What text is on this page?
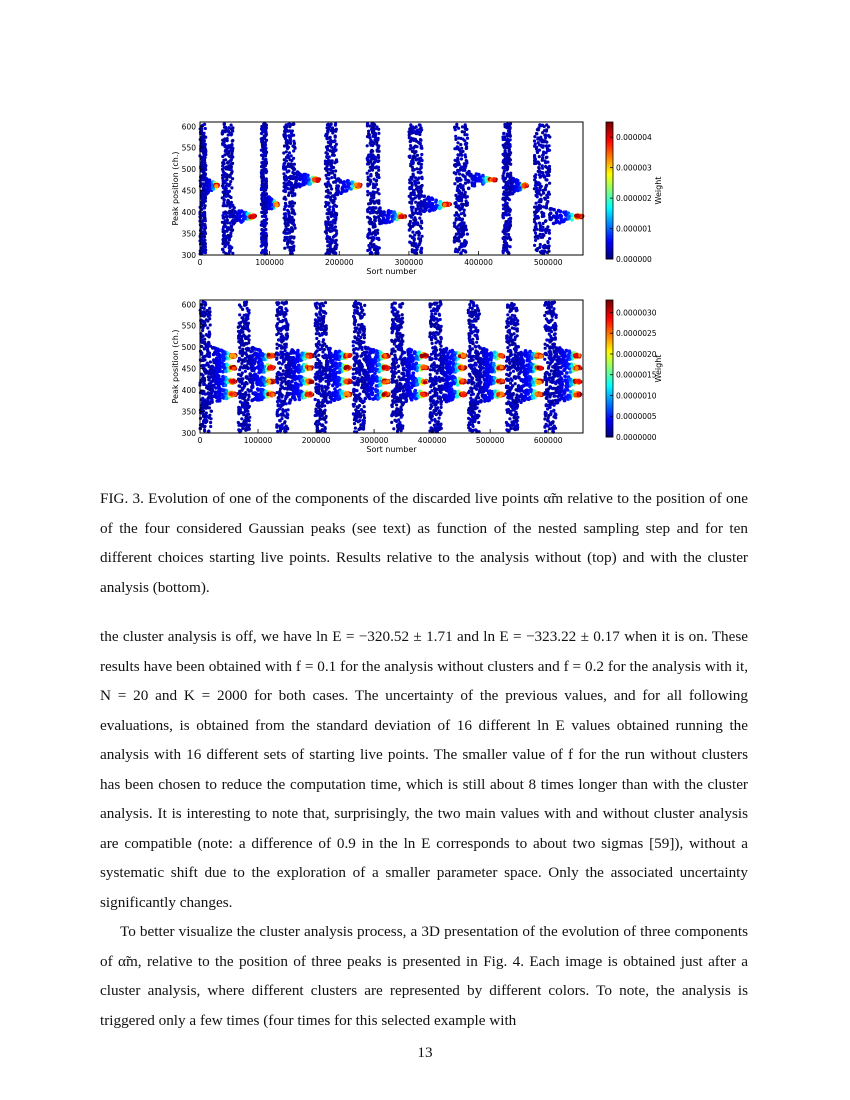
0	100000	200000	300000	400000	500000
300
350
400
450
500
550
600
Sort number
Peak position (ch.)
0.000000
0.000001
0.000002
0.000003
0.000004
Weight
0	100000	200000	300000	400000	500000	600000
300
350
400
450
500
550
600
Sort number
Peak position (ch.)
0.0000000
0.0000005
0.0000010
0.0000015
0.0000020
0.0000025
0.0000030
Weight

FIG. 3. Evolution of one of the components of the discarded live points α̃m relative to the position of one of the four considered Gaussian peaks (see text) as function of the nested sampling step and for ten different choices starting live points. Results relative to the analysis without (top) and with the cluster analysis (bottom).

the cluster analysis is off, we have ln E = −320.52 ± 1.71 and ln E = −323.22 ± 0.17 when it is on. These results have been obtained with f = 0.1 for the analysis without clusters and f = 0.2 for the analysis with it, N = 20 and K = 2000 for both cases. The uncertainty of the previous values, and for all following evaluations, is obtained from the standard deviation of 16 different ln E values obtained running the analysis with 16 different sets of starting live points. The smaller value of f for the run without clusters has been chosen to reduce the computation time, which is still about 8 times longer than with the cluster analysis. It is interesting to note that, surprisingly, the two main values with and without cluster analysis are compatible (note: a difference of 0.9 in the ln E corresponds to about two sigmas [59]), without a systematic shift due to the exploration of a smaller parameter space. Only the associated uncertainty significantly changes.

To better visualize the cluster analysis process, a 3D presentation of the evolution of three components of α̃m, relative to the position of three peaks is presented in Fig. 4. Each image is obtained just after a cluster analysis, where different clusters are represented by different colors. To note, the analysis is triggered only a few times (four times for this selected example with

13
